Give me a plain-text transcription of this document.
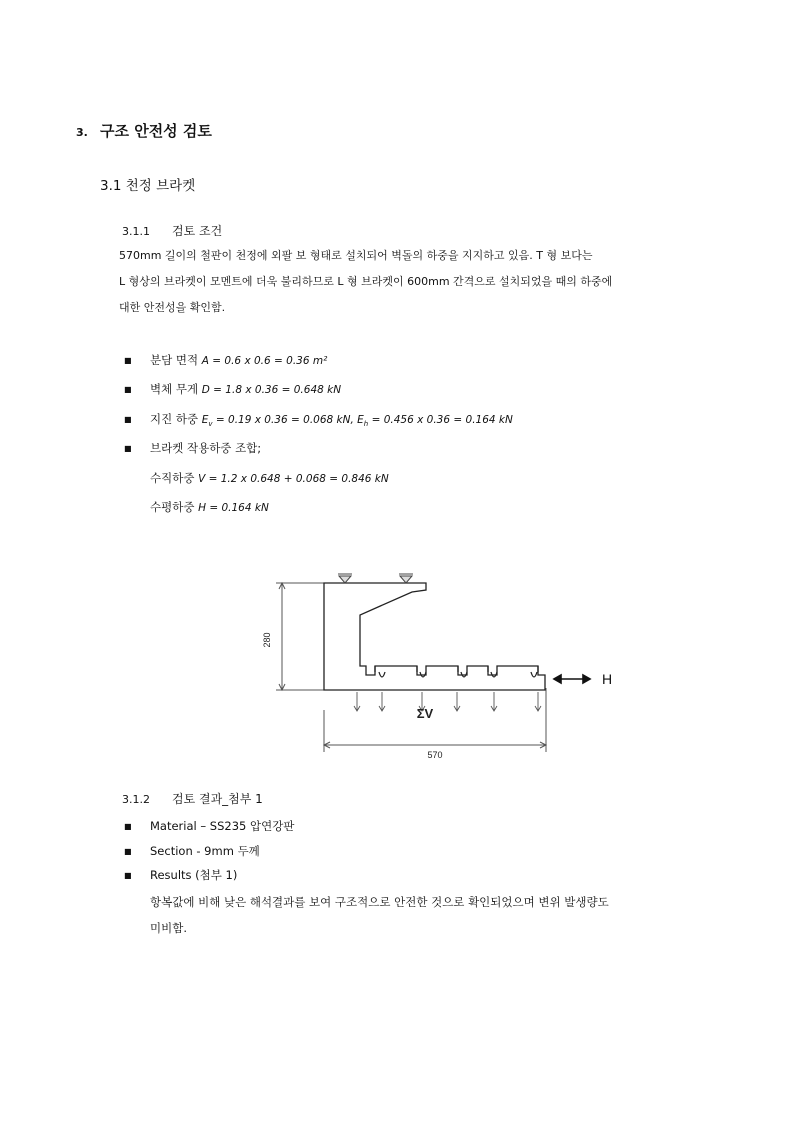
3. 구조 안전성 검토
3.1 천정 브라켓
3.1.1 검토 조건
570mm 길이의 철판이 천정에 외팔 보 형태로 설치되어 벽돌의 하중을 지지하고 있음. T 형 보다는
L 형상의 브라켓이 모멘트에 더욱 불리하므로 L 형 브라켓이 600mm 간격으로 설치되었을 때의 하중에
대한 안전성을 확인함.
■ 분담 면적 A = 0.6 x 0.6 = 0.36 m²
■ 벽체 무게 D = 1.8 x 0.36 = 0.648 kN
■ 지진 하중 $E_v = 0.19$ x 0.36 = 0.068 kN, $E_h = 0.456$ x 0.36 = 0.164 kN
■ 브라켓 작용하중 조합;
수직하중 V = 1.2 x 0.648 + 0.068 = 0.846 kN
수평하중 H = 0.164 kN
280
570
ΣV
H
3.1.2 검토 결과_첨부 1
■ Material – SS235 압연강판
■ Section - 9mm 두께
■ Results (첨부 1)
항복값에 비해 낮은 해석결과를 보여 구조적으로 안전한 것으로 확인되었으며 변위 발생량도
미비함.
